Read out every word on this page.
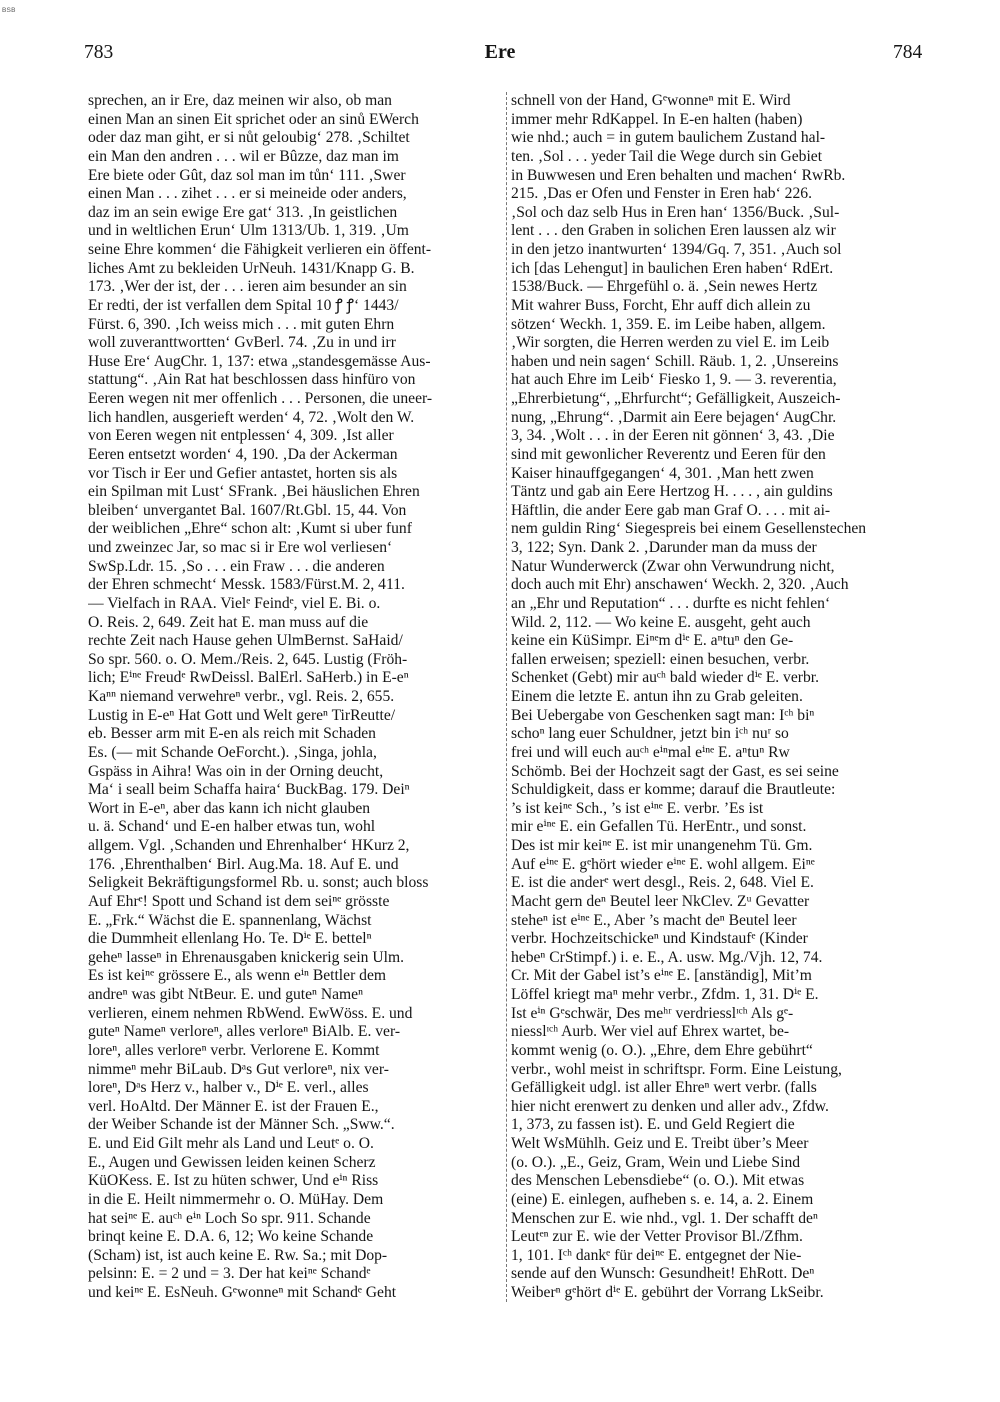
BSB
783	Ere	784
sprechen, an ir Ere, daz meinen wir also, ob man
einen Man an sinen Eit sprichet oder an sinů EWerch
oder daz man giht, er si nůt geloubig‘ 278. ‚Schiltet
ein Man den andren . . . wil er Bûzze, daz man im
Ere biete oder Gût, daz sol man im tůn‘ 111. ‚Swer
einen Man . . . zihet . . . er si meineide oder anders,
daz im an sein ewige Ere gat‘ 313. ‚In geistlichen
und in weltlichen Erun‘ Ulm 1313/Ub. 1, 319. ‚Um
seine Ehre kommen‘ die Fähigkeit verlieren ein öffent-
liches Amt zu bekleiden UrNeuh. 1431/Knapp G. B.
173. ‚Wer der ist, der . . . ieren aim besunder an sin
Er redti, der ist verfallen dem Spital 10 ꝭ ꝭ‘ 1443/
Fürst. 6, 390. ‚Ich weiss mich . . . mit guten Ehrn
woll zuveranttwortten‘ GvBerl. 74. ‚Zu in und irr
Huse Ere‘ AugChr. 1, 137: etwa „standesgemässe Aus-
stattung“. ‚Ain Rat hat beschlossen dass hinfüro von
Eeren wegen nit mer offenlich . . . Personen, die uneer-
lich handlen, ausgerieft werden‘ 4, 72. ‚Wolt den W.
von Eeren wegen nit entplessen‘ 4, 309. ‚Ist aller
Eeren entsetzt worden‘ 4, 190. ‚Da der Ackerman
vor Tisch ir Eer und Gefier antastet, horten sis als
ein Spilman mit Lust‘ SFrank. ‚Bei häuslichen Ehren
bleiben‘ unvergantet Bal. 1607/Rt.Gbl. 15, 44. Von
der weiblichen „Ehre“ schon alt: ‚Kumt si uber funf
und zweinzec Jar, so mac si ir Ere wol verliesen‘
SwSp.Ldr. 15. ‚So . . . ein Fraw . . . die anderen
der Ehren schmecht‘ Messk. 1583/Fürst.M. 2, 411.
— Vielfach in RAA. Vielᵉ Feindᵉ, viel E. Bi. o.
O. Reis. 2, 649. Zeit hat E. man muss auf die
rechte Zeit nach Hause gehen UlmBernst. SaHaid/
So spr. 560. o. O. Mem./Reis. 2, 645. Lustig (Fröh-
lich; Eⁱⁿᵉ Freudᵉ RwDeissl. BalErl. SaHerb.) in E-eⁿ
Kaⁿⁿ niemand verwehreⁿ verbr., vgl. Reis. 2, 655.
Lustig in E-eⁿ Hat Gott und Welt gereⁿ TirReutte/
eb. Besser arm mit E-en als reich mit Schaden
Es. (— mit Schande OeForcht.). ‚Singa, johla,
Gspäss in Aihra! Was oin in der Orning deucht,
Ma‘ i seall beim Schaffa haira‘ BuckBag. 179. Deiⁿ
Wort in E-eⁿ, aber das kann ich nicht glauben
u. ä. Schand‘ und E-en halber etwas tun, wohl
allgem. Vgl. ‚Schanden und Ehrenhalber‘ HKurz 2,
176. ‚Ehrenthalben‘ Birl. Aug.Ma. 18. Auf E. und
Seligkeit Bekräftigungsformel Rb. u. sonst; auch bloss
Auf Ehrᵉ! Spott und Schand ist dem seiⁿᵉ grösste
E. „Frk.“ Wächst die E. spannenlang, Wächst
die Dummheit ellenlang Ho. Te. Dⁱᵉ E. bettelⁿ
geheⁿ lasseⁿ in Ehrenausgaben knickerig sein Ulm.
Es ist keiⁿᵉ grössere E., als wenn eⁱⁿ Bettler dem
andreⁿ was gibt NtBeur. E. und guteⁿ Nameⁿ
verlieren, einem nehmen RbWend. EwWöss. E. und
guteⁿ Nameⁿ verloreⁿ, alles verloreⁿ BiAlb. E. ver-
loreⁿ, alles verloreⁿ verbr. Verlorene E. Kommt
nimmeⁿ mehr BiLaub. Dᵃs Gut verloreⁿ, nix ver-
loreⁿ, Dᵃs Herz v., halber v., Dⁱᵉ E. verl., alles
verl. HoAltd. Der Männer E. ist der Frauen E.,
der Weiber Schande ist der Männer Sch. „Sww.“.
E. und Eid Gilt mehr als Land und Leutᵉ o. O.
E., Augen und Gewissen leiden keinen Scherz
KüOKess. E. Ist zu hüten schwer, Und eⁱⁿ Riss
in die E. Heilt nimmermehr o. O. MüHay. Dem
hat seiⁿᵉ E. auᶜʰ eⁱⁿ Loch So spr. 911. Schande
brinqt keine E. D.A. 6, 12; Wo keine Schande
(Scham) ist, ist auch keine E. Rw. Sa.; mit Dop-
pelsinn: E. = 2 und = 3. Der hat keiⁿᵉ Schandᵉ
und keiⁿᵉ E. EsNeuh. Gᵉwonneⁿ mit Schandᵉ Geht
schnell von der Hand, Gᵉwonneⁿ mit E. Wird
immer mehr RdKappel. In E-en halten (haben)
wie nhd.; auch = in gutem baulichem Zustand hal-
ten. ‚Sol . . . yeder Tail die Wege durch sin Gebiet
in Buwwesen und Eren behalten und machen‘ RwRb.
215. ‚Das er Ofen und Fenster in Eren hab‘ 226.
‚Sol och daz selb Hus in Eren han‘ 1356/Buck. ‚Sul-
lent . . . den Graben in solichen Eren laussen alz wir
in den jetzo inantwurten‘ 1394/Gq. 7, 351. ‚Auch sol
ich [das Lehengut] in baulichen Eren haben‘ RdErt.
1538/Buck. — Ehrgefühl o. ä. ‚Sein newes Hertz
Mit wahrer Buss, Forcht, Ehr auff dich allein zu
sötzen‘ Weckh. 1, 359. E. im Leibe haben, allgem.
‚Wir sorgten, die Herren werden zu viel E. im Leib
haben und nein sagen‘ Schill. Räub. 1, 2. ‚Unsereins
hat auch Ehre im Leib‘ Fiesko 1, 9. — 3. reverentia,
„Ehrerbietung“, „Ehrfurcht“; Gefälligkeit, Auszeich-
nung, „Ehrung“. ‚Darmit ain Eere bejagen‘ AugChr.
3, 34. ‚Wolt . . . in der Eeren nit gönnen‘ 3, 43. ‚Die
sind mit gewonlicher Reverentz und Eeren für den
Kaiser hinauffgegangen‘ 4, 301. ‚Man hett zwen
Täntz und gab ain Eere Hertzog H. . . . , ain guldins
Häftlin, die ander Eere gab man Graf O. . . . mit ai-
nem guldin Ring‘ Siegespreis bei einem Gesellenstechen
3, 122; Syn. Dank 2. ‚Darunder man da muss der
Natur Wunderwerck (Zwar ohn Verwundrung nicht,
doch auch mit Ehr) anschawen‘ Weckh. 2, 320. ‚Auch
an „Ehr und Reputation“ . . . durfte es nicht fehlen‘
Wild. 2, 112. — Wo keine E. ausgeht, geht auch
keine ein KüSimpr. Eiⁿᵉm dⁱᵉ E. aⁿtuⁿ den Ge-
fallen erweisen; speziell: einen besuchen, verbr.
Schenket (Gebt) mir auᶜʰ bald wieder dⁱᵉ E. verbr.
Einem die letzte E. antun ihn zu Grab geleiten.
Bei Uebergabe von Geschenken sagt man: Iᶜʰ biⁿ
schoⁿ lang euer Schuldner, jetzt bin iᶜʰ nuʳ so
frei und will euch auᶜʰ eⁱⁿmal eⁱⁿᵉ E. aⁿtuⁿ Rw
Schömb. Bei der Hochzeit sagt der Gast, es sei seine
Schuldigkeit, dass er komme; darauf die Brautleute:
’s ist keiⁿᵉ Sch., ’s ist eⁱⁿᵉ E. verbr. ’Es ist
mir eⁱⁿᵉ E. ein Gefallen Tü. HerEntr., und sonst.
Des ist mir keiⁿᵉ E. ist mir unangenehm Tü. Gm.
Auf eⁱⁿᵉ E. gᵉhört wieder eⁱⁿᵉ E. wohl allgem. Eiⁿᵉ
E. ist die anderᵉ wert desgl., Reis. 2, 648. Viel E.
Macht gern deⁿ Beutel leer NkClev. Zᵘ Gevatter
steheⁿ ist eⁱⁿᵉ E., Aber ’s macht deⁿ Beutel leer
verbr. Hochzeitschickeⁿ und Kindstaufᵉ (Kinder
hebeⁿ CrStimpf.) i. e. E., A. usw. Mg./Vjh. 12, 74.
Cr. Mit der Gabel ist’s eⁱⁿᵉ E. [anständig], Mit’m
Löffel kriegt maⁿ mehr verbr., Zfdm. 1, 31. Dⁱᵉ E.
Ist eⁱⁿ Gᵉschwär, Des meʰʳ verdriesslᶦᶜʰ Als gᵉ-
niesslᶦᶜʰ Aurb. Wer viel auf Ehrex wartet, be-
kommt wenig (o. O.). „Ehre, dem Ehre gebührt“
verbr., wohl meist in schriftspr. Form. Eine Leistung,
Gefälligkeit udgl. ist aller Ehreⁿ wert verbr. (falls
hier nicht erenwert zu denken und aller adv., Zfdw.
1, 373, zu fassen ist). E. und Geld Regiert die
Welt WsMühlh. Geiz und E. Treibt über’s Meer
(o. O.). „E., Geiz, Gram, Wein und Liebe Sind
des Menschen Lebensdiebe“ (o. O.). Mit etwas
(eine) E. einlegen, aufheben s. e. 14, a. 2. Einem
Menschen zur E. wie nhd., vgl. 1. Der schafft deⁿ
Leutᵉⁿ zur E. wie der Vetter Provisor Bl./Zfhm.
1, 101. Iᶜʰ dankᵉ für deiⁿᵉ E. entgegnet der Nie-
sende auf den Wunsch: Gesundheit! EhRott. Deⁿ
Weiberⁿ gᵉhört dⁱᵉ E. gebührt der Vorrang LkSeibr.
